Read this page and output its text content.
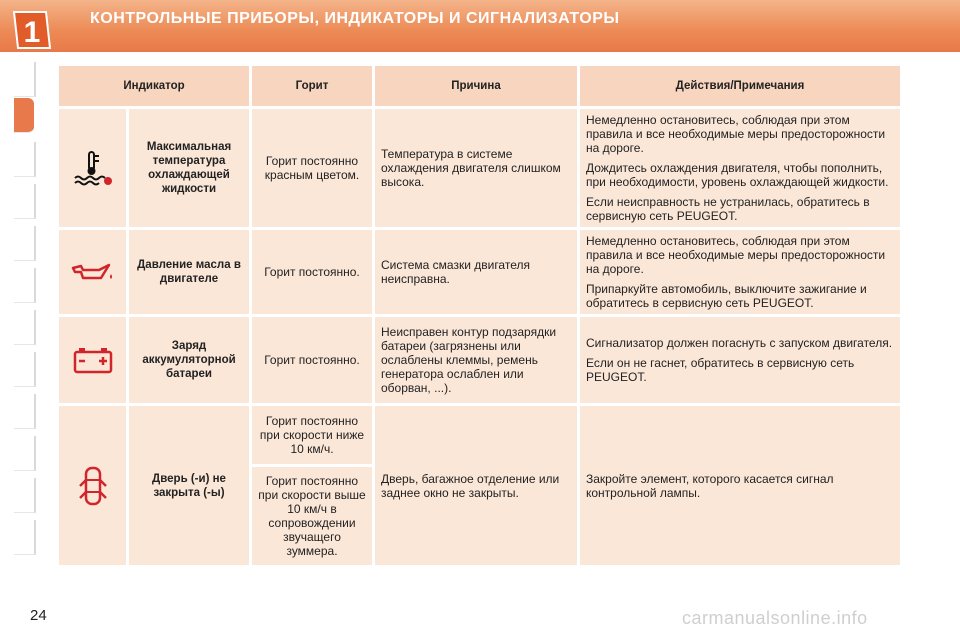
1	КОНТРОЛЬНЫЕ ПРИБОРЫ, ИНДИКАТОРЫ И СИГНАЛИЗАТОРЫ
Индикатор		Горит	Причина	Действия/Примечания

	Максимальная температура охлаждающей жидкости	Горит постоянно красным цветом.	Температура в системе охлаждения двигателя слишком высока.	Немедленно остановитесь, соблюдая при этом правила и все необходимые меры предосторожности на дороге.

Дождитесь охлаждения двигателя, чтобы пополнить, при необходимости, уровень охлаждающей жидкости.

Если неисправность не устранилась, обратитесь в сервисную сеть PEUGEOT.

	Давление масла в двигателе	Горит постоянно.	Система смазки двигателя неисправна.	Немедленно остановитесь, соблюдая при этом правила и все необходимые меры предосторожности на дороге.

Припаркуйте автомобиль, выключите зажигание и обратитесь в сервисную сеть PEUGEOT.

	Заряд аккумуляторной батареи	Горит постоянно.	Неисправен контур подзарядки батареи (загрязнены или ослаблены клеммы, ремень генератора ослаблен или оборван, ...).	Сигнализатор должен погаснуть с запуском двигателя.

Если он не гаснет, обратитесь в сервисную сеть PEUGEOT.

	Дверь (-и) не закрыта (-ы)	Горит постоянно при скорости ниже 10 км/ч.	Дверь, багажное отделение или заднее окно не закрыты.	Закройте элемент, которого касается сигнал контрольной лампы.

		Горит постоянно при скорости выше 10 км/ч в сопровождении звучащего зуммера.		
24	carmanualsonline.info
